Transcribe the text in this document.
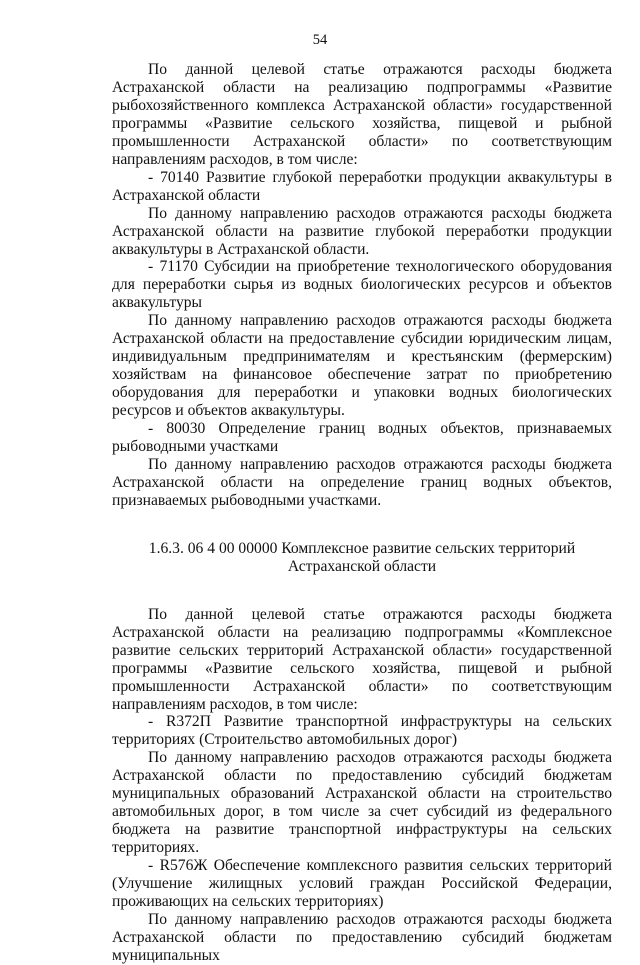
54

По данной целевой статье отражаются расходы бюджета Астраханской области на реализацию подпрограммы «Развитие рыбохозяйственного комплекса Астраханской области» государственной программы «Развитие сельского хозяйства, пищевой и рыбной промышленности Астраханской области» по соответствующим направлениям расходов, в том числе:

- 70140 Развитие глубокой переработки продукции аквакультуры в Астраханской области

По данному направлению расходов отражаются расходы бюджета Астраханской области на развитие глубокой переработки продукции аквакультуры в Астраханской области.

- 71170 Субсидии на приобретение технологического оборудования для переработки сырья из водных биологических ресурсов и объектов аквакультуры

По данному направлению расходов отражаются расходы бюджета Астраханской области на предоставление субсидии юридическим лицам, индивидуальным предпринимателям и крестьянским (фермерским) хозяйствам на финансовое обеспечение затрат по приобретению оборудования для переработки и упаковки водных биологических ресурсов и объектов аквакультуры.

- 80030 Определение границ водных объектов, признаваемых рыбоводными участками

По данному направлению расходов отражаются расходы бюджета Астраханской области на определение границ водных объектов, признаваемых рыбоводными участками.

1.6.3. 06 4 00 00000 Комплексное развитие сельских территорий

Астраханской области

По данной целевой статье отражаются расходы бюджета Астраханской области на реализацию подпрограммы «Комплексное развитие сельских территорий Астраханской области» государственной программы «Развитие сельского хозяйства, пищевой и рыбной промышленности Астраханской области» по соответствующим направлениям расходов, в том числе:

- R372П Развитие транспортной инфраструктуры на сельских территориях (Строительство автомобильных дорог)

По данному направлению расходов отражаются расходы бюджета Астраханской области по предоставлению субсидий бюджетам муниципальных образований Астраханской области на строительство автомобильных дорог, в том числе за счет субсидий из федерального бюджета на развитие транспортной инфраструктуры на сельских территориях.

- R576Ж Обеспечение комплексного развития сельских территорий (Улучшение жилищных условий граждан Российской Федерации, проживающих на сельских территориях)

По данному направлению расходов отражаются расходы бюджета Астраханской области по предоставлению субсидий бюджетам муниципальных
